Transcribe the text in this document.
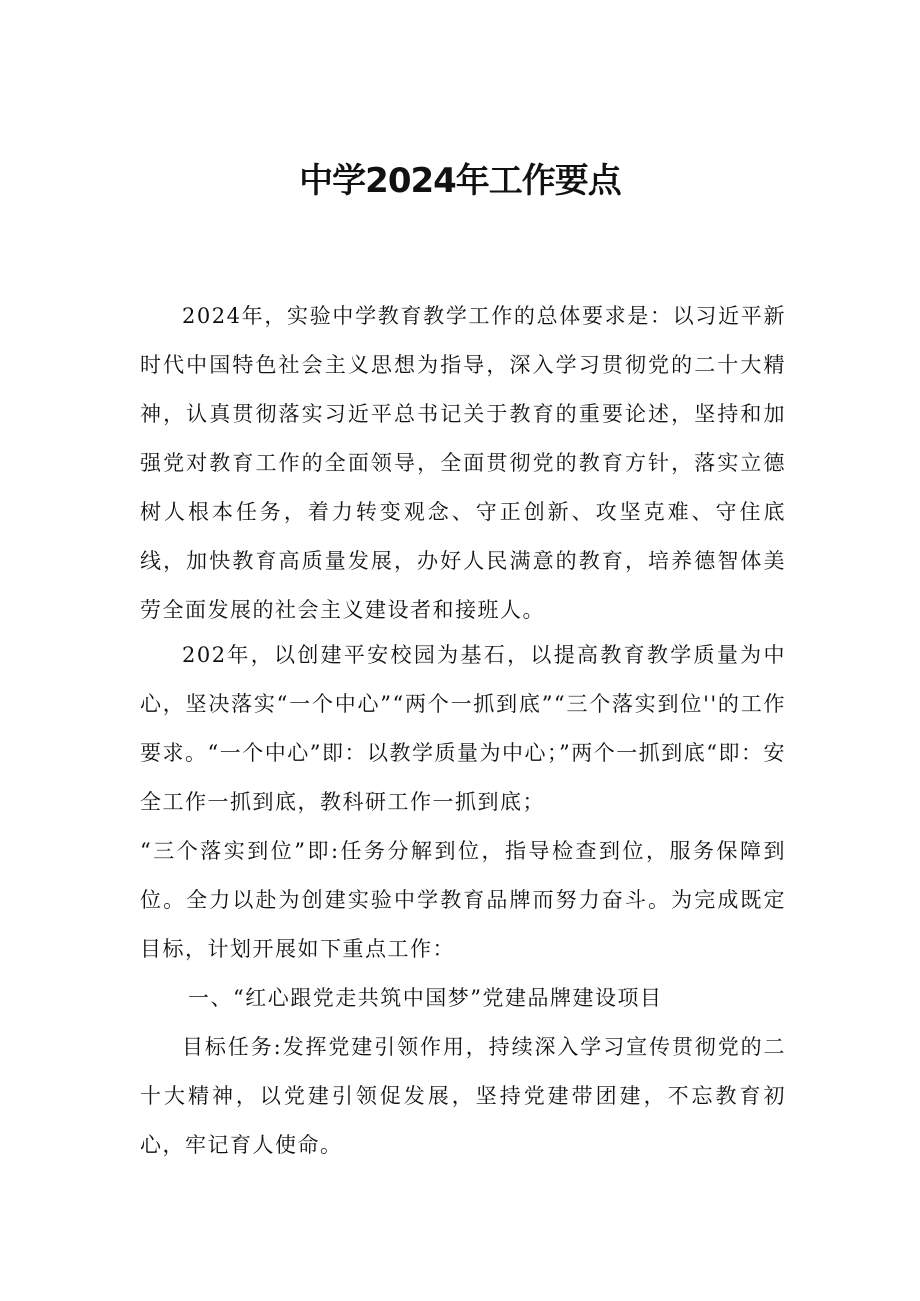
中学2024年工作要点

2024年，实验中学教育教学工作的总体要求是：以习近平新时代中国特色社会主义思想为指导，深入学习贯彻党的二十大精神，认真贯彻落实习近平总书记关于教育的重要论述，坚持和加强党对教育工作的全面领导，全面贯彻党的教育方针，落实立德树人根本任务，着力转变观念、守正创新、攻坚克难、守住底线，加快教育高质量发展，办好人民满意的教育，培养德智体美劳全面发展的社会主义建设者和接班人。

202年，以创建平安校园为基石，以提高教育教学质量为中心，坚决落实“一个中心”“两个一抓到底”“三个落实到位''的工作要求。“一个中心”即：以教学质量为中心；”两个一抓到底“即：安全工作一抓到底，教科研工作一抓到底；

“三个落实到位”即:任务分解到位，指导检查到位，服务保障到位。全力以赴为创建实验中学教育品牌而努力奋斗。为完成既定目标，计划开展如下重点工作：

一、“红心跟党走共筑中国梦”党建品牌建设项目

目标任务:发挥党建引领作用，持续深入学习宣传贯彻党的二十大精神，以党建引领促发展，坚持党建带团建，不忘教育初心，牢记育人使命。
